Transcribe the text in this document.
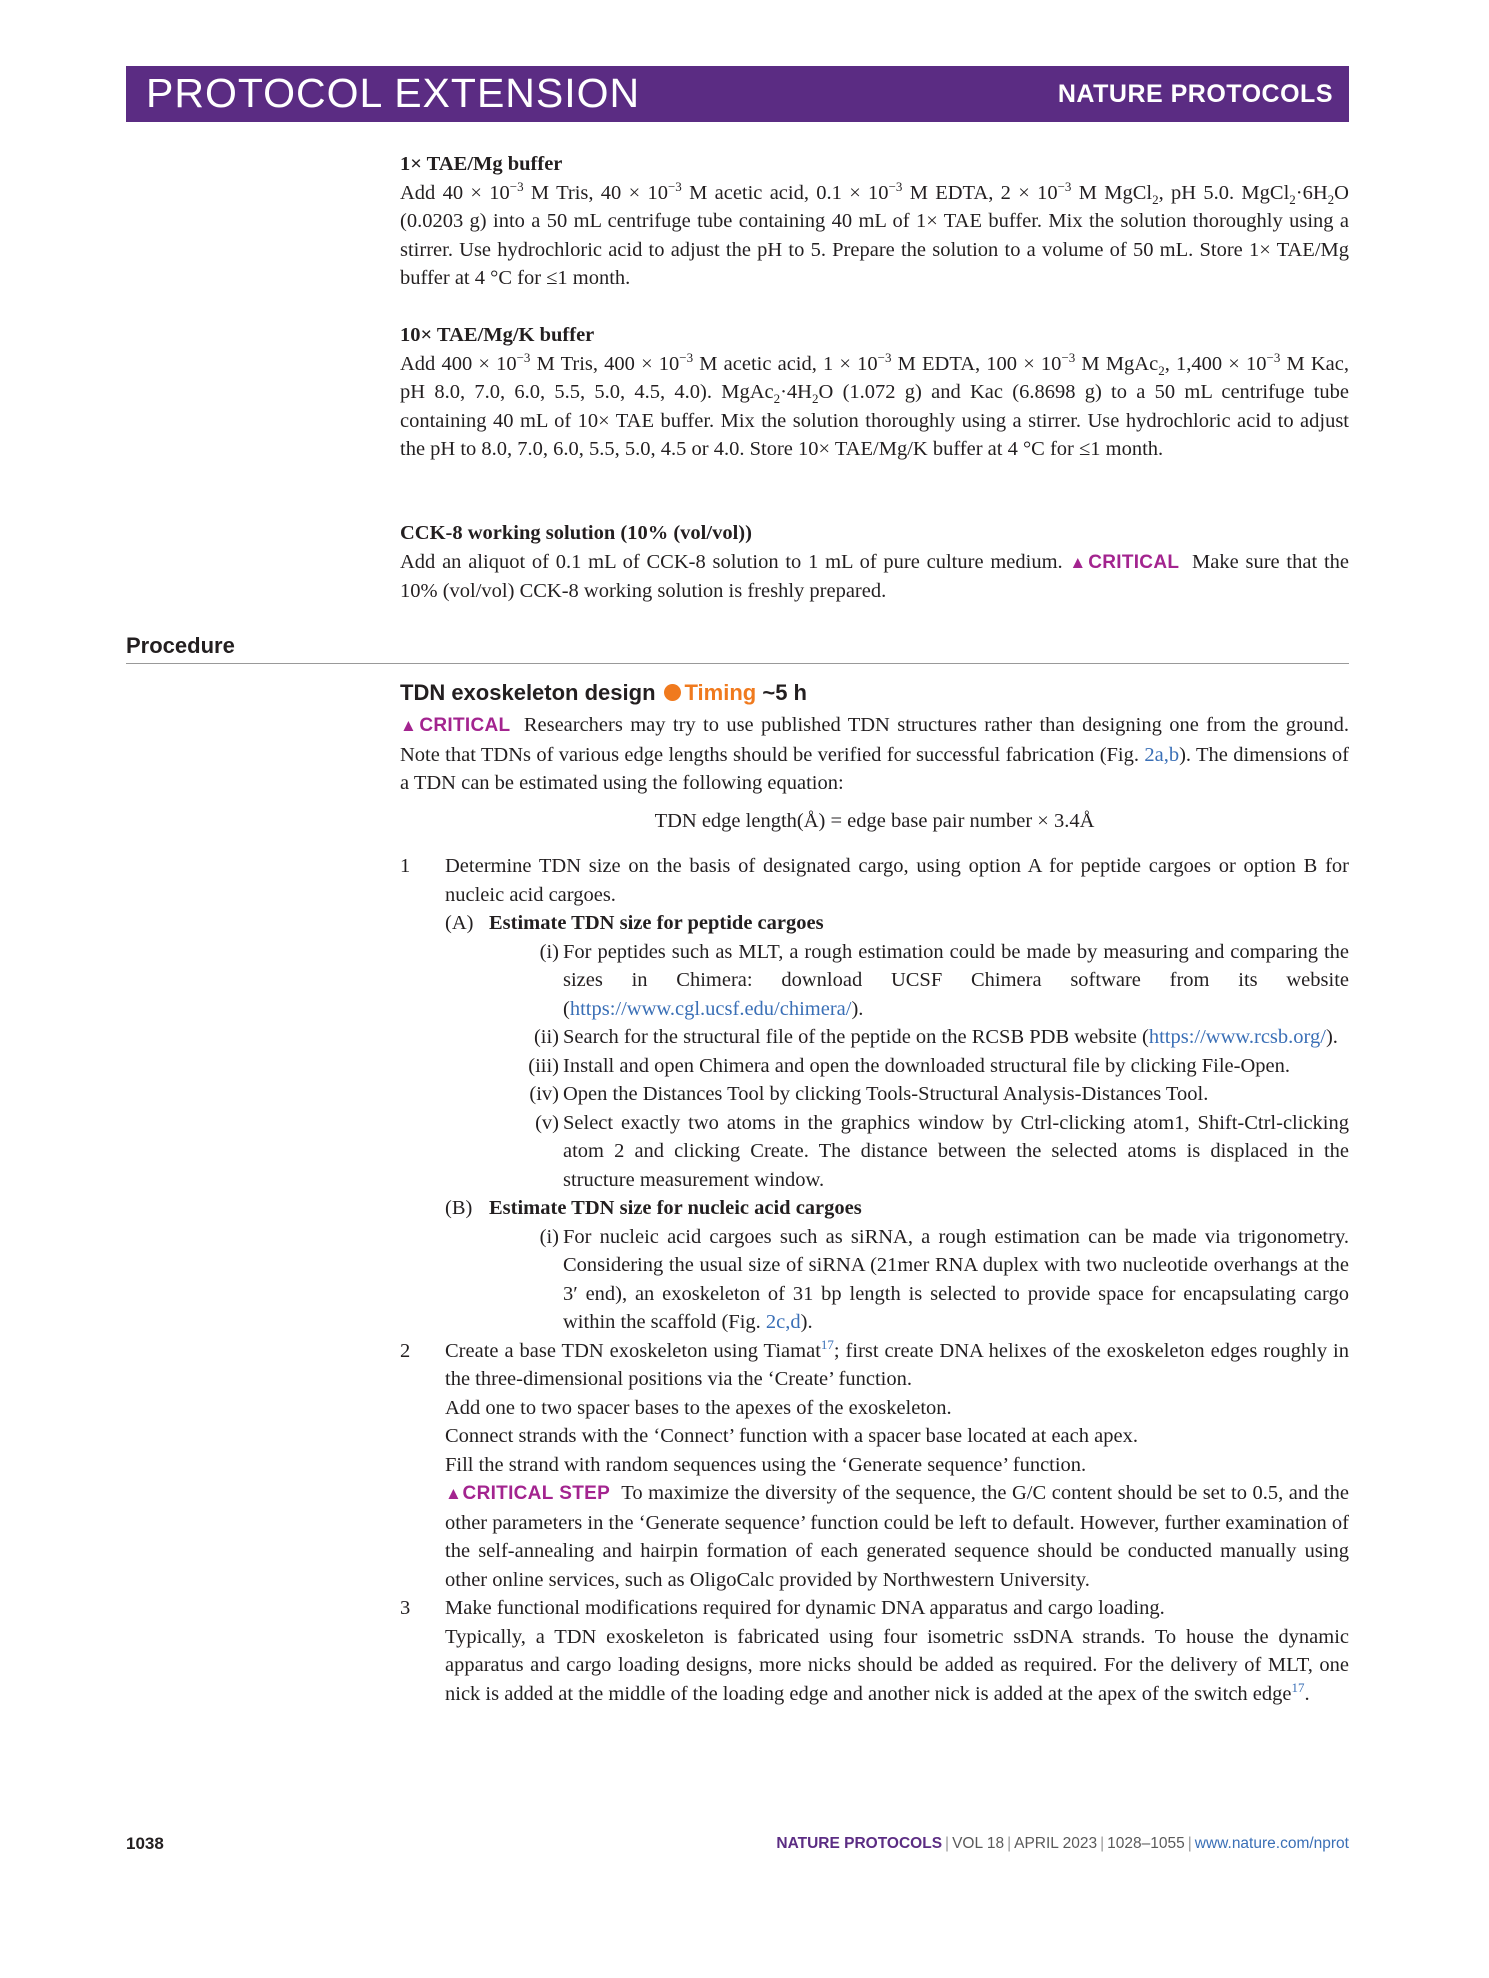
PROTOCOL EXTENSION	NATURE PROTOCOLS

1× TAE/Mg buffer

Add $40 \times 10^{-3}$ M Tris, $40 \times 10^{-3}$ M acetic acid, $0.1 \times 10^{-3}$ M EDTA, $2 \times 10^{-3}$ M MgCl$_2$, pH 5.0. $MgCl_2\cdot 6H_2O$ (0.0203 g) into a 50 mL centrifuge tube containing 40 mL of 1× TAE buffer. Mix the solution thoroughly using a stirrer. Use hydrochloric acid to adjust the pH to 5. Prepare the solution to a volume of 50 mL. Store 1× TAE/Mg buffer at 4 °C for ≤1 month.

10× TAE/Mg/K buffer

Add $400 \times 10^{-3}$ M Tris, $400 \times 10^{-3}$ M acetic acid, $1 \times 10^{-3}$ M EDTA, $100 \times 10^{-3}$ M MgAc$_2$, $1,400 \times 10^{-3}$ M Kac, pH 8.0, 7.0, 6.0, 5.5, 5.0, 4.5, 4.0). $MgAc_2\cdot 4H_2O$ (1.072 g) and Kac (6.8698 g) to a 50 mL centrifuge tube containing 40 mL of 10× TAE buffer. Mix the solution thoroughly using a stirrer. Use hydrochloric acid to adjust the pH to 8.0, 7.0, 6.0, 5.5, 5.0, 4.5 or 4.0. Store 10× TAE/Mg/K buffer at 4 °C for ≤1 month.

CCK-8 working solution (10% (vol/vol))

Add an aliquot of 0.1 mL of CCK-8 solution to 1 mL of pure culture medium. ▲CRITICAL Make sure that the 10% (vol/vol) CCK-8 working solution is freshly prepared.

Procedure
TDN exoskeleton design Timing ~5 h

▲CRITICAL Researchers may try to use published TDN structures rather than designing one from the ground. Note that TDNs of various edge lengths should be verified for successful fabrication (Fig. 2a,b). The dimensions of a TDN can be estimated using the following equation:

TDN edge length(Å) = edge base pair number × 3.4Å
1 Determine TDN size on the basis of designated cargo, using option A for peptide cargoes or option B for nucleic acid cargoes.

(A) Estimate TDN size for peptide cargoes

(i) For peptides such as MLT, a rough estimation could be made by measuring and comparing the sizes in Chimera: download UCSF Chimera software from its website (https://www.cgl.ucsf.edu/chimera/).

(ii) Search for the structural file of the peptide on the RCSB PDB website (https://www.rcsb.org/).

(iii) Install and open Chimera and open the downloaded structural file by clicking File-Open.

(iv) Open the Distances Tool by clicking Tools-Structural Analysis-Distances Tool.

(v) Select exactly two atoms in the graphics window by Ctrl-clicking atom1, Shift-Ctrl-clicking atom 2 and clicking Create. The distance between the selected atoms is displaced in the structure measurement window.

(B) Estimate TDN size for nucleic acid cargoes

(i) For nucleic acid cargoes such as siRNA, a rough estimation can be made via trigonometry. Considering the usual size of siRNA (21mer RNA duplex with two nucleotide overhangs at the 3′ end), an exoskeleton of 31 bp length is selected to provide space for encapsulating cargo within the scaffold (Fig. 2c,d).

2 Create a base TDN exoskeleton using Tiamat$^{17}$; first create DNA helixes of the exoskeleton edges roughly in the three-dimensional positions via the ‘Create’ function.

Add one to two spacer bases to the apexes of the exoskeleton.

Connect strands with the ‘Connect’ function with a spacer base located at each apex.

Fill the strand with random sequences using the ‘Generate sequence’ function.

▲CRITICAL STEP To maximize the diversity of the sequence, the G/C content should be set to 0.5, and the other parameters in the ‘Generate sequence’ function could be left to default. However, further examination of the self-annealing and hairpin formation of each generated sequence should be conducted manually using other online services, such as OligoCalc provided by Northwestern University.

3 Make functional modifications required for dynamic DNA apparatus and cargo loading.

Typically, a TDN exoskeleton is fabricated using four isometric ssDNA strands. To house the dynamic apparatus and cargo loading designs, more nicks should be added as required. For the delivery of MLT, one nick is added at the middle of the loading edge and another nick is added at the apex of the switch edge$^{17}$.

1038	NATURE PROTOCOLS | VOL 18 | APRIL 2023 | 1028–1055 | www.nature.com/nprot
